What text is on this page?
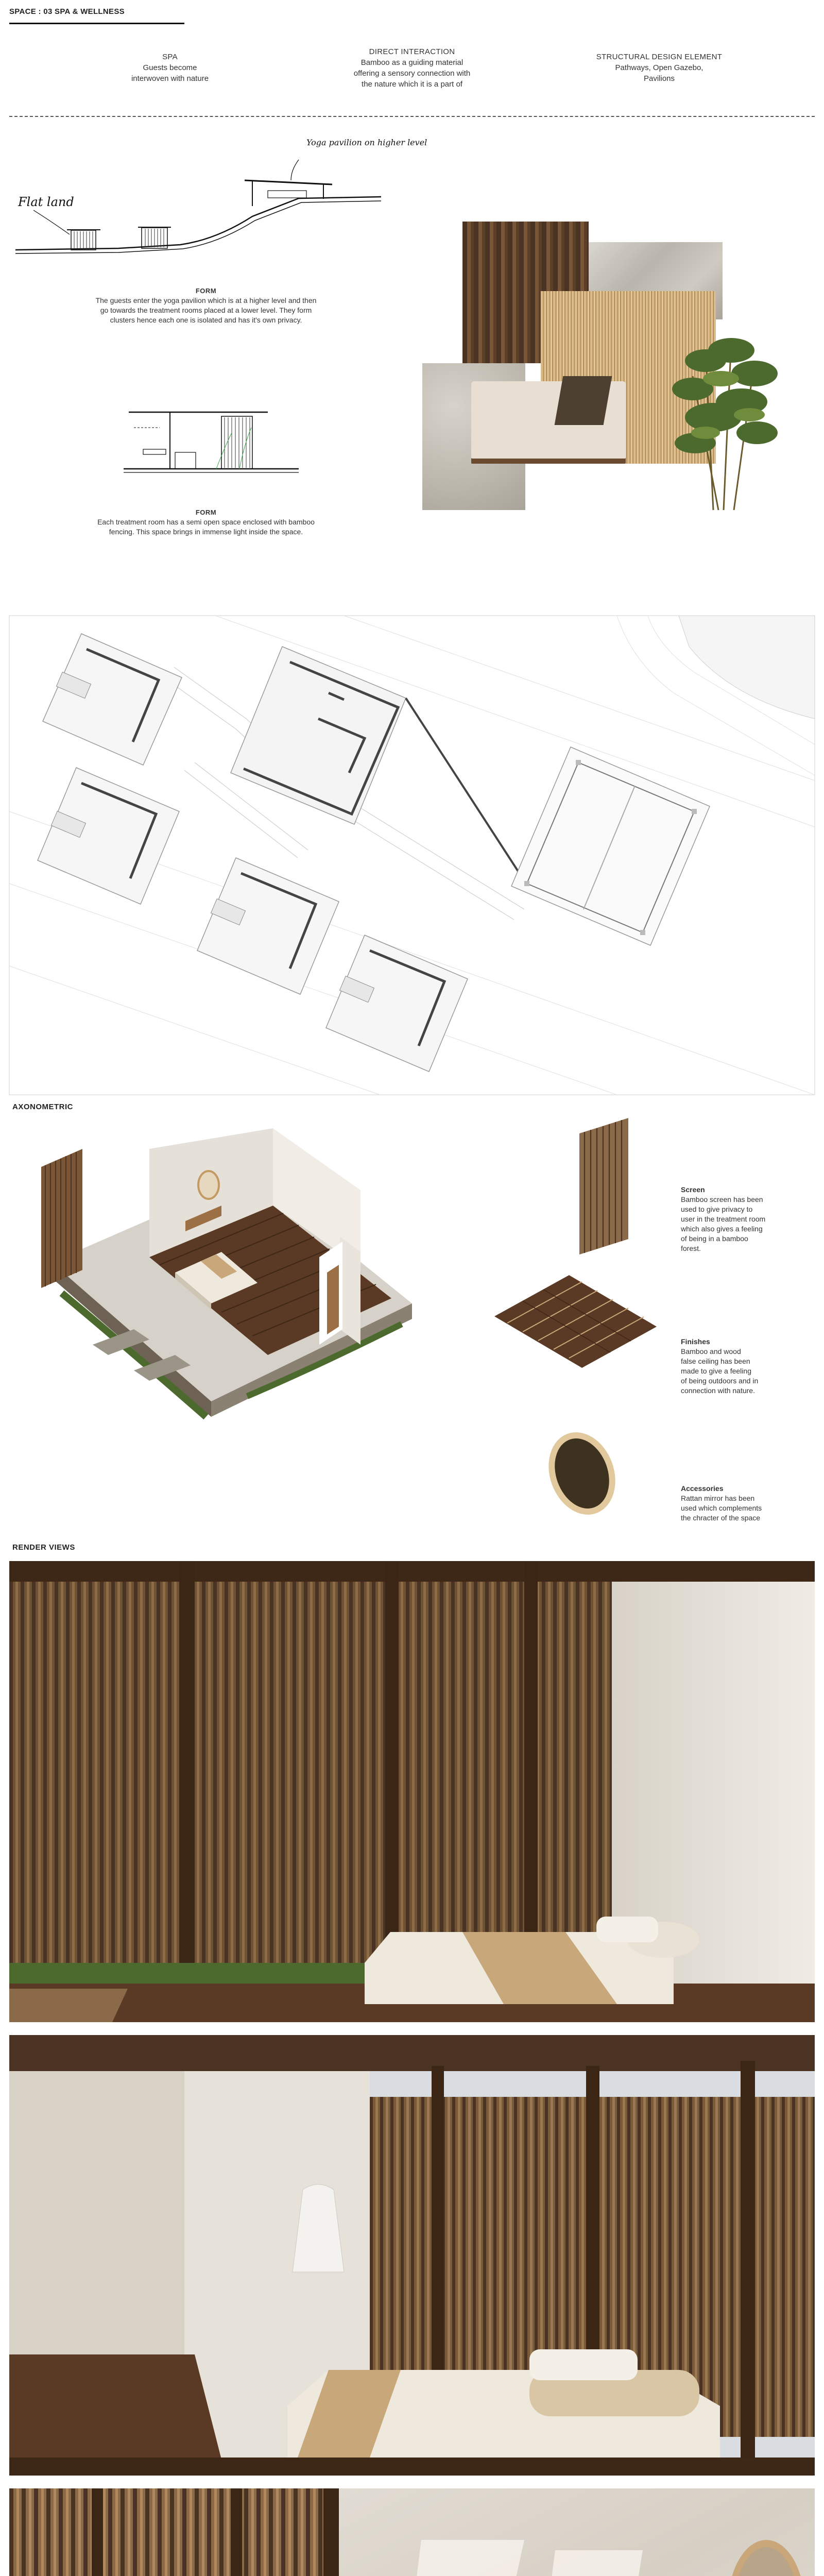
SPACE : 03 SPA & WELLNESS
SPA
Guests become
interwoven with nature
DIRECT INTERACTION
Bamboo as a guiding material
offering a sensory connection with
the nature which it is a part of
STRUCTURAL DESIGN ELEMENT
Pathways, Open Gazebo,
Pavilions
Flat land
Yoga pavilion on higher level
FORM
The guests enter the yoga pavilion which is at a higher level and then
go towards the treatment rooms placed at a lower level. They form
clusters hence each one is isolated and has it's own privacy.
FORM
Each treatment room has a semi open space enclosed with bamboo
fencing. This space brings in immense light inside the space.
AXONOMETRIC
Screen
Bamboo screen has been
used to give privacy to
user in the treatment room
which also gives a feeling
of being in a bamboo
forest.
Finishes
Bamboo and wood
false ceiling has been
made to give a feeling
of being outdoors and in
connection with nature.
Accessories
Rattan mirror has been
used which complements
the chracter of the space
RENDER VIEWS
